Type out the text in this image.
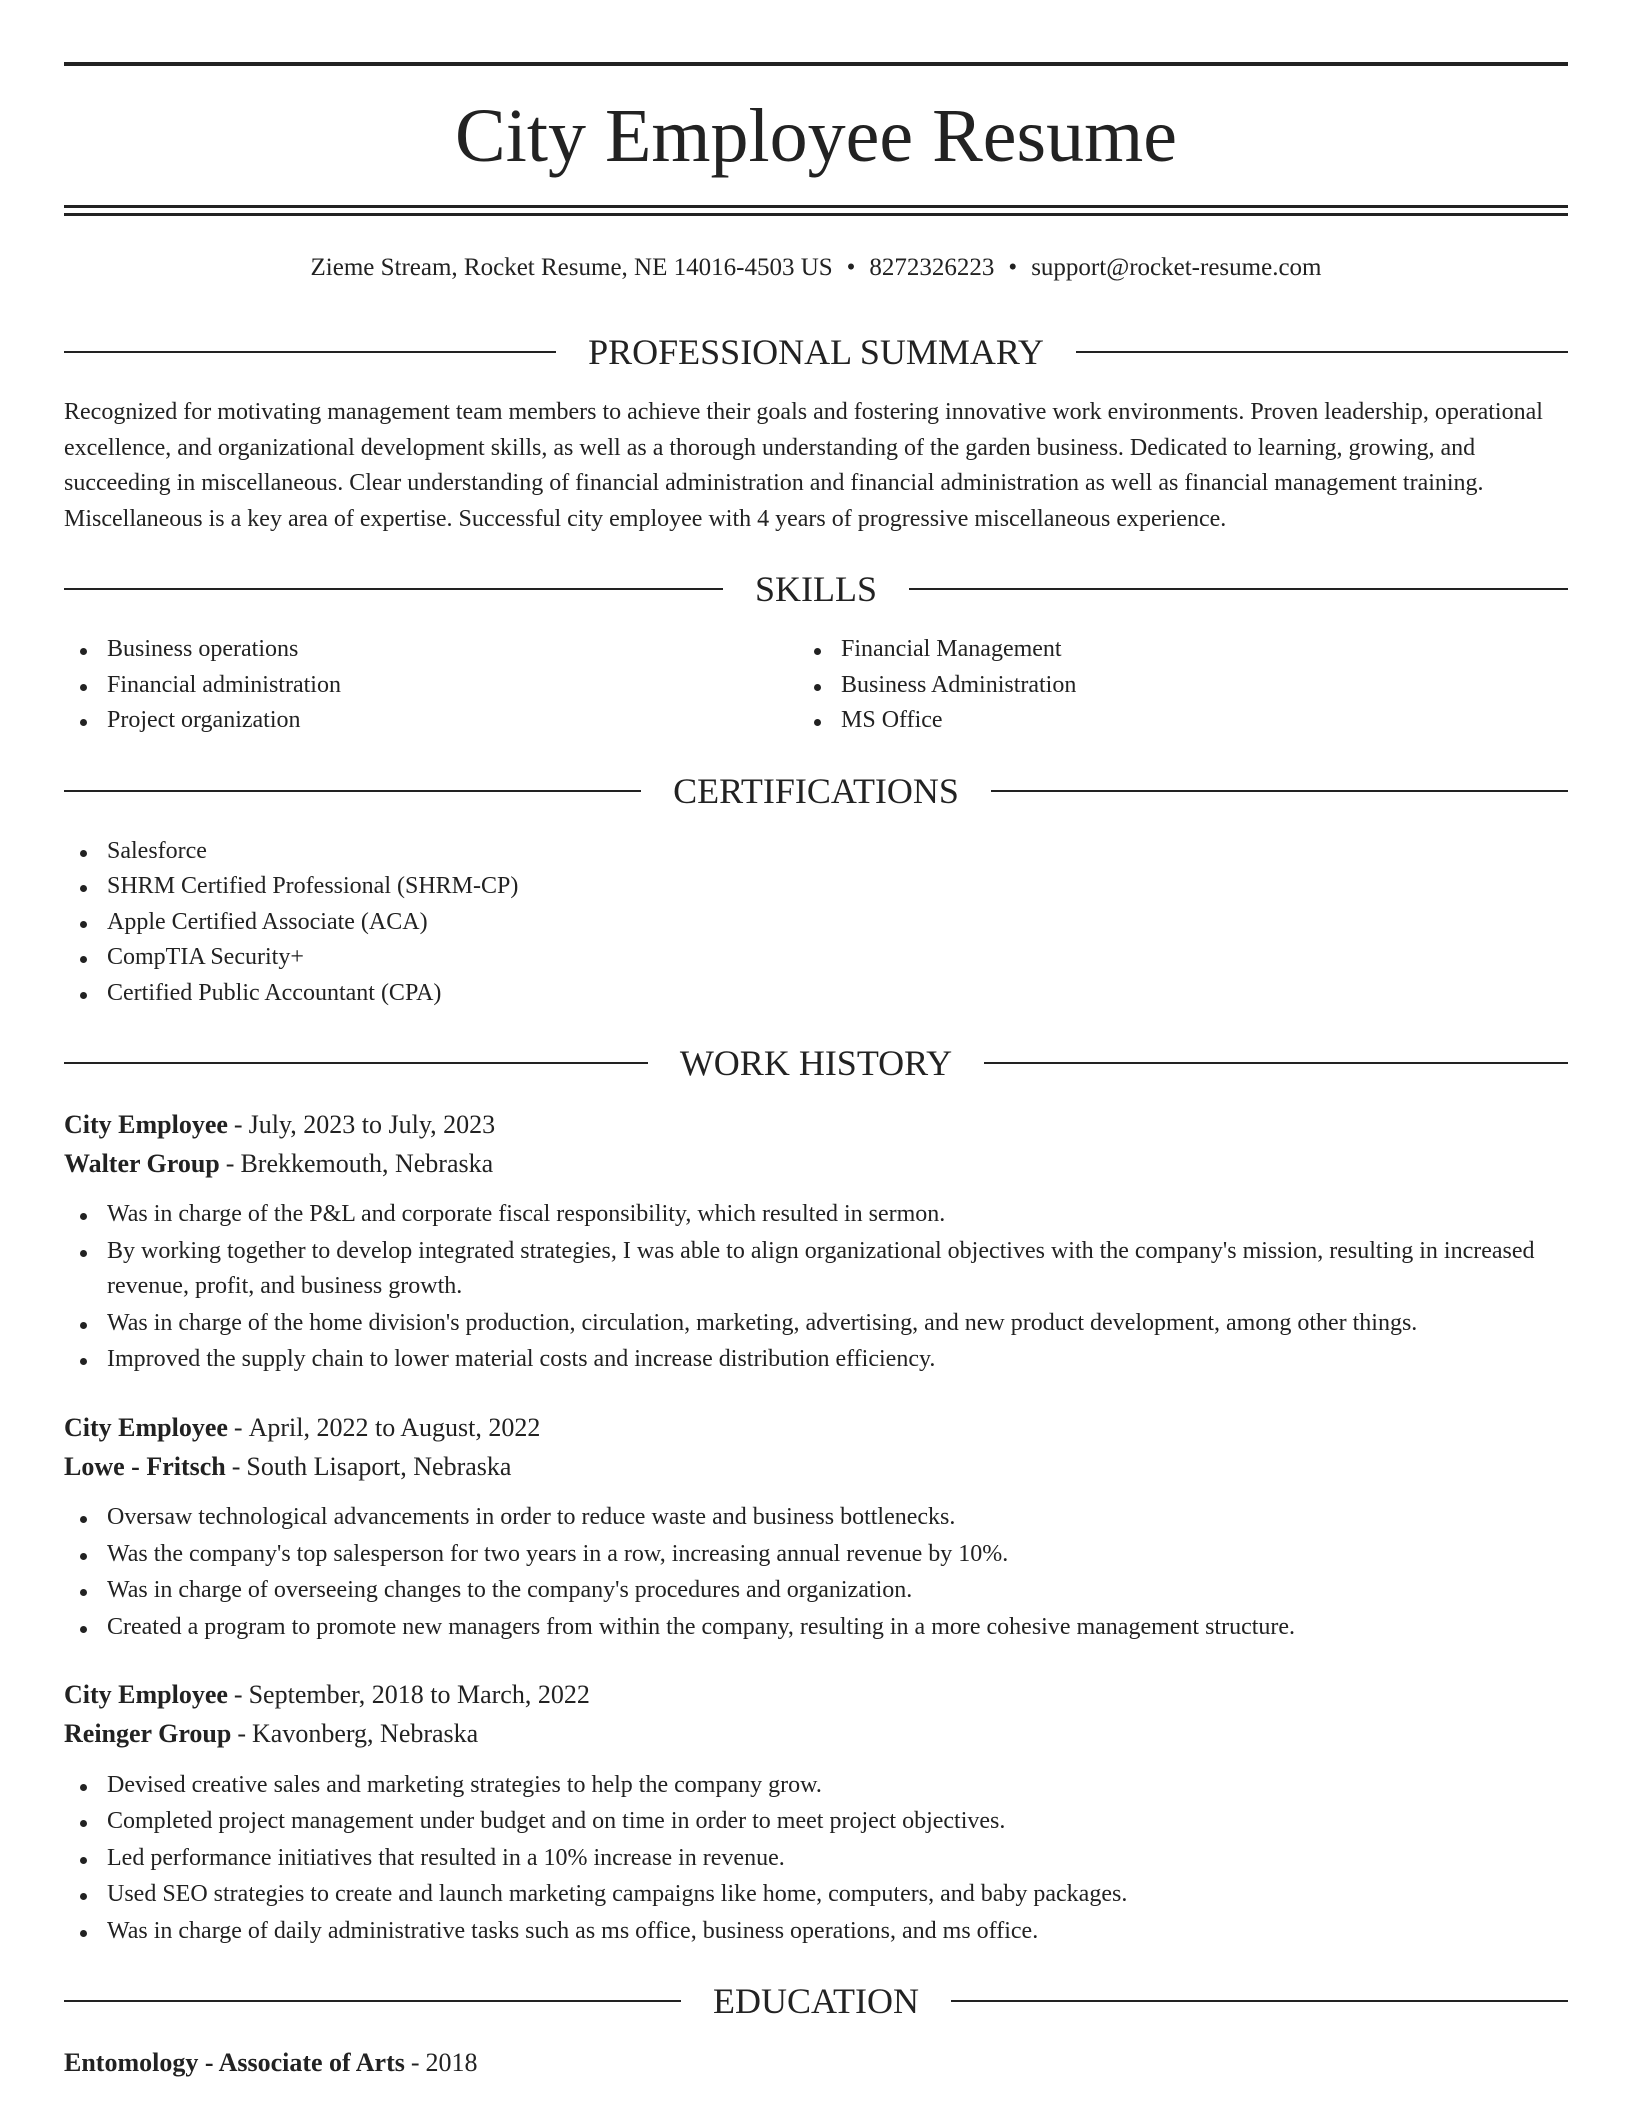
City Employee Resume
Zieme Stream, Rocket Resume, NE 14016-4503 US • 8272326223 • support@rocket-resume.com
PROFESSIONAL SUMMARY

Recognized for motivating management team members to achieve their goals and fostering innovative work environments. Proven leadership, operational excellence, and organizational development skills, as well as a thorough understanding of the garden business. Dedicated to learning, growing, and succeeding in miscellaneous. Clear understanding of financial administration and financial administration as well as financial management training. Miscellaneous is a key area of expertise. Successful city employee with 4 years of progressive miscellaneous experience.

SKILLS
Business operations
Financial administration
Project organization
Financial Management
Business Administration
MS Office
CERTIFICATIONS
Salesforce
SHRM Certified Professional (SHRM-CP)
Apple Certified Associate (ACA)
CompTIA Security+
Certified Public Accountant (CPA)
WORK HISTORY
City Employee - July, 2023 to July, 2023
Walter Group - Brekkemouth, Nebraska
Was in charge of the P&L and corporate fiscal responsibility, which resulted in sermon.
By working together to develop integrated strategies, I was able to align organizational objectives with the company's mission, resulting in increased revenue, profit, and business growth.
Was in charge of the home division's production, circulation, marketing, advertising, and new product development, among other things.
Improved the supply chain to lower material costs and increase distribution efficiency.
City Employee - April, 2022 to August, 2022
Lowe - Fritsch - South Lisaport, Nebraska
Oversaw technological advancements in order to reduce waste and business bottlenecks.
Was the company's top salesperson for two years in a row, increasing annual revenue by 10%.
Was in charge of overseeing changes to the company's procedures and organization.
Created a program to promote new managers from within the company, resulting in a more cohesive management structure.
City Employee - September, 2018 to March, 2022
Reinger Group - Kavonberg, Nebraska
Devised creative sales and marketing strategies to help the company grow.
Completed project management under budget and on time in order to meet project objectives.
Led performance initiatives that resulted in a 10% increase in revenue.
Used SEO strategies to create and launch marketing campaigns like home, computers, and baby packages.
Was in charge of daily administrative tasks such as ms office, business operations, and ms office.
EDUCATION
Entomology - Associate of Arts - 2018
